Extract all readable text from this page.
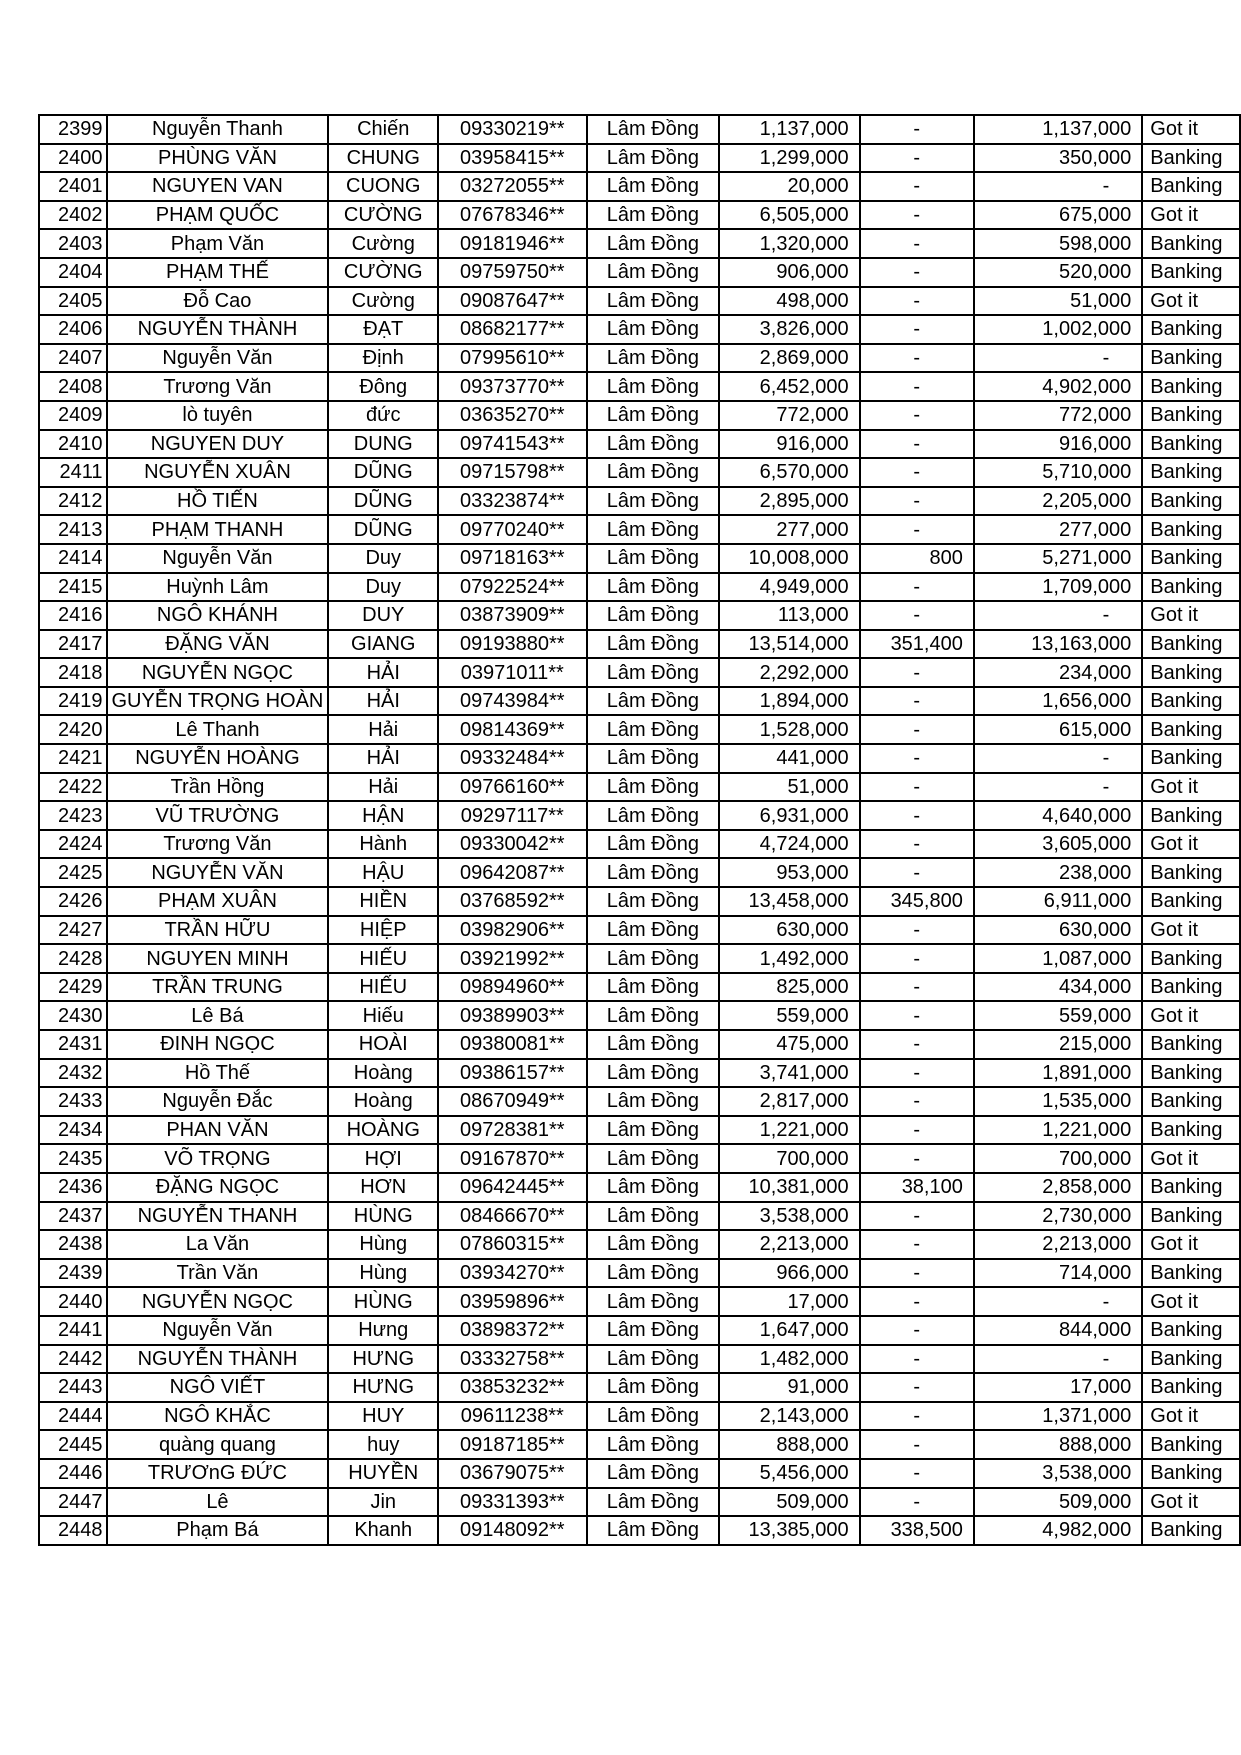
2399	Nguyễn Thanh	Chiến	09330219**	Lâm Đồng	1,137,000	-	1,137,000	Got it
2400	PHÙNG VĂN	CHUNG	03958415**	Lâm Đồng	1,299,000	-	350,000	Banking
2401	NGUYEN VAN	CUONG	03272055**	Lâm Đồng	20,000	-	-	Banking
2402	PHẠM QUỐC	CƯỜNG	07678346**	Lâm Đồng	6,505,000	-	675,000	Got it
2403	Phạm Văn	Cường	09181946**	Lâm Đồng	1,320,000	-	598,000	Banking
2404	PHẠM THẾ	CƯỜNG	09759750**	Lâm Đồng	906,000	-	520,000	Banking
2405	Đỗ Cao	Cường	09087647**	Lâm Đồng	498,000	-	51,000	Got it
2406	NGUYỄN THÀNH	ĐẠT	08682177**	Lâm Đồng	3,826,000	-	1,002,000	Banking
2407	Nguyễn Văn	Định	07995610**	Lâm Đồng	2,869,000	-	-	Banking
2408	Trương Văn	Đông	09373770**	Lâm Đồng	6,452,000	-	4,902,000	Banking
2409	lò tuyên	đức	03635270**	Lâm Đồng	772,000	-	772,000	Banking
2410	NGUYEN DUY	DUNG	09741543**	Lâm Đồng	916,000	-	916,000	Banking
2411	NGUYỄN XUÂN	DŨNG	09715798**	Lâm Đồng	6,570,000	-	5,710,000	Banking
2412	HỒ TIẾN	DŨNG	03323874**	Lâm Đồng	2,895,000	-	2,205,000	Banking
2413	PHẠM THANH	DŨNG	09770240**	Lâm Đồng	277,000	-	277,000	Banking
2414	Nguyễn Văn	Duy	09718163**	Lâm Đồng	10,008,000	800	5,271,000	Banking
2415	Huỳnh Lâm	Duy	07922524**	Lâm Đồng	4,949,000	-	1,709,000	Banking
2416	NGÔ KHÁNH	DUY	03873909**	Lâm Đồng	113,000	-	-	Got it
2417	ĐẶNG VĂN	GIANG	09193880**	Lâm Đồng	13,514,000	351,400	13,163,000	Banking
2418	NGUYỄN NGỌC	HẢI	03971011**	Lâm Đồng	2,292,000	-	234,000	Banking
2419	GUYỄN TRỌNG HOÀN	HẢI	09743984**	Lâm Đồng	1,894,000	-	1,656,000	Banking
2420	Lê Thanh	Hải	09814369**	Lâm Đồng	1,528,000	-	615,000	Banking
2421	NGUYỄN HOÀNG	HẢI	09332484**	Lâm Đồng	441,000	-	-	Banking
2422	Trần Hồng	Hải	09766160**	Lâm Đồng	51,000	-	-	Got it
2423	VŨ TRƯỜNG	HẬN	09297117**	Lâm Đồng	6,931,000	-	4,640,000	Banking
2424	Trương Văn	Hành	09330042**	Lâm Đồng	4,724,000	-	3,605,000	Got it
2425	NGUYỄN VĂN	HẬU	09642087**	Lâm Đồng	953,000	-	238,000	Banking
2426	PHẠM XUÂN	HIỀN	03768592**	Lâm Đồng	13,458,000	345,800	6,911,000	Banking
2427	TRẦN HỮU	HIỆP	03982906**	Lâm Đồng	630,000	-	630,000	Got it
2428	NGUYEN MINH	HIẾU	03921992**	Lâm Đồng	1,492,000	-	1,087,000	Banking
2429	TRẦN TRUNG	HIẾU	09894960**	Lâm Đồng	825,000	-	434,000	Banking
2430	Lê Bá	Hiếu	09389903**	Lâm Đồng	559,000	-	559,000	Got it
2431	ĐINH NGỌC	HOÀI	09380081**	Lâm Đồng	475,000	-	215,000	Banking
2432	Hồ Thế	Hoàng	09386157**	Lâm Đồng	3,741,000	-	1,891,000	Banking
2433	Nguyễn Đắc	Hoàng	08670949**	Lâm Đồng	2,817,000	-	1,535,000	Banking
2434	PHAN VĂN	HOÀNG	09728381**	Lâm Đồng	1,221,000	-	1,221,000	Banking
2435	VÕ TRỌNG	HỢI	09167870**	Lâm Đồng	700,000	-	700,000	Got it
2436	ĐẶNG NGỌC	HƠN	09642445**	Lâm Đồng	10,381,000	38,100	2,858,000	Banking
2437	NGUYỄN THANH	HÙNG	08466670**	Lâm Đồng	3,538,000	-	2,730,000	Banking
2438	La Văn	Hùng	07860315**	Lâm Đồng	2,213,000	-	2,213,000	Got it
2439	Trần Văn	Hùng	03934270**	Lâm Đồng	966,000	-	714,000	Banking
2440	NGUYỄN NGỌC	HÙNG	03959896**	Lâm Đồng	17,000	-	-	Got it
2441	Nguyễn Văn	Hưng	03898372**	Lâm Đồng	1,647,000	-	844,000	Banking
2442	NGUYỄN THÀNH	HƯNG	03332758**	Lâm Đồng	1,482,000	-	-	Banking
2443	NGÔ VIẾT	HƯNG	03853232**	Lâm Đồng	91,000	-	17,000	Banking
2444	NGÔ KHẮC	HUY	09611238**	Lâm Đồng	2,143,000	-	1,371,000	Got it
2445	quàng quang	huy	09187185**	Lâm Đồng	888,000	-	888,000	Banking
2446	TRƯƠnG ĐỨC	HUYỀN	03679075**	Lâm Đồng	5,456,000	-	3,538,000	Banking
2447	Lê	Jin	09331393**	Lâm Đồng	509,000	-	509,000	Got it
2448	Phạm Bá	Khanh	09148092**	Lâm Đồng	13,385,000	338,500	4,982,000	Banking
